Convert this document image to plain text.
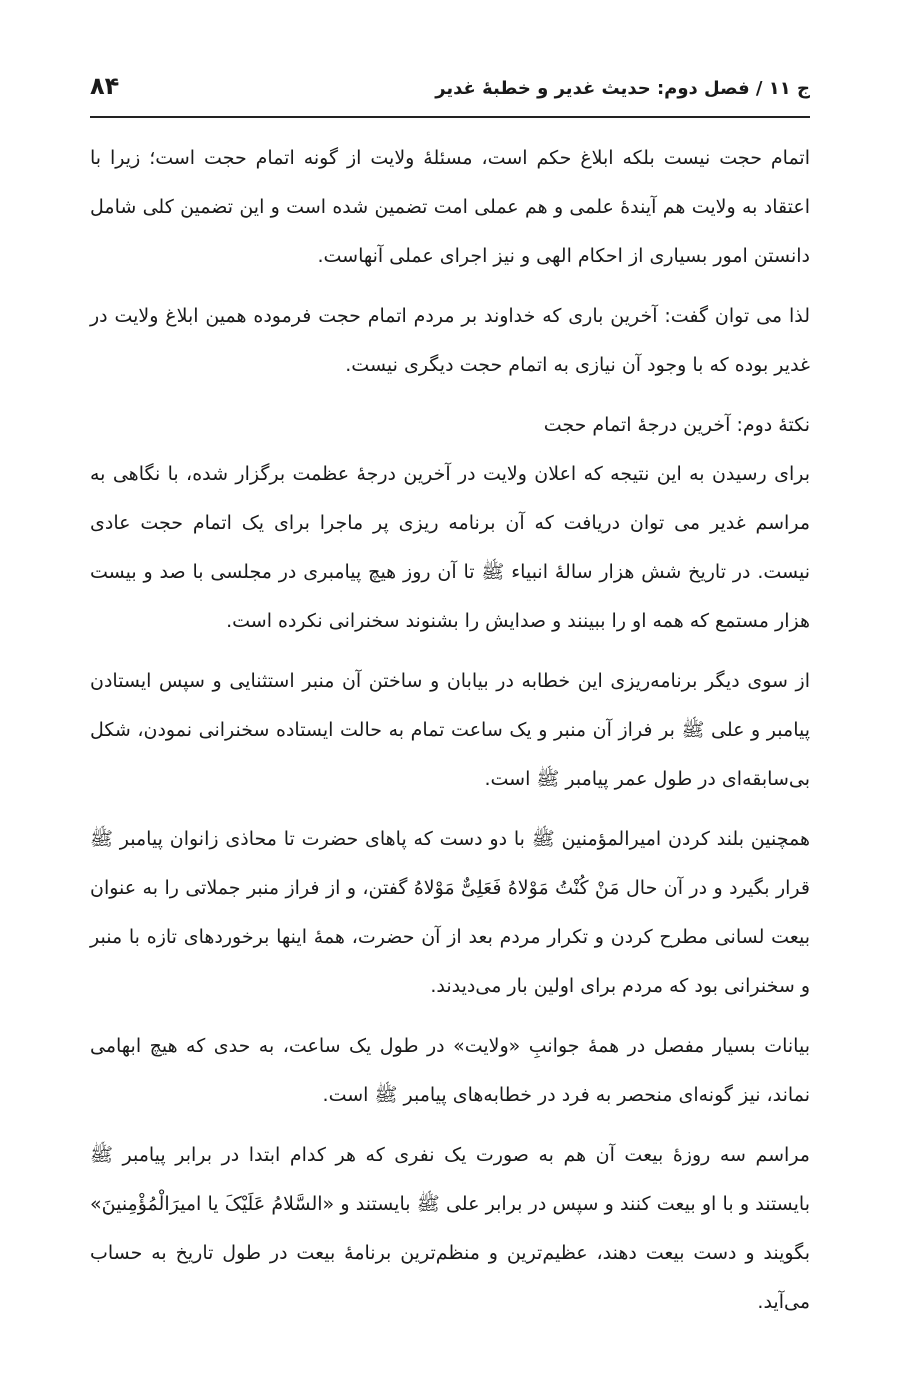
ج ۱۱ / فصل دوم: حدیث غدیر و خطبهٔ غدیر
۸۴

اتمام حجت نیست بلکه ابلاغ حکم است، مسئلهٔ ولایت از گونه اتمام حجت است؛ زیرا با اعتقاد به ولایت هم آیندهٔ علمی و هم عملی امت تضمین شده است و این تضمین کلی شامل دانستن امور بسیاری از احکام الهی و نیز اجرای عملی آنهاست.

لذا می توان گفت: آخرین باری که خداوند بر مردم اتمام حجت فرموده همین ابلاغ ولایت در غدیر بوده که با وجود آن نیازی به اتمام حجت دیگری نیست.

نکتهٔ دوم: آخرین درجهٔ اتمام حجت

برای رسیدن به این نتیجه که اعلان ولایت در آخرین درجهٔ عظمت برگزار شده، با نگاهی به مراسم غدیر می توان دریافت که آن برنامه ریزی پر ماجرا برای یک اتمام حجت عادی نیست. در تاریخ شش هزار سالهٔ انبیاء ﷺ تا آن روز هیچ پیامبری در مجلسی با صد و بیست هزار مستمع که همه او را ببینند و صدایش را بشنوند سخنرانی نکرده است.

از سوی دیگر برنامه‌ریزی این خطابه در بیابان و ساختن آن منبر استثنایی و سپس ایستادن پیامبر و علی ﷺ بر فراز آن منبر و یک ساعت تمام به حالت ایستاده سخنرانی نمودن، شکل بی‌سابقه‌ای در طول عمر پیامبر ﷺ است.

همچنین بلند کردن امیرالمؤمنین ﷺ با دو دست که پاهای حضرت تا محاذی زانوان پیامبر ﷺ قرار بگیرد و در آن حال مَنْ کُنْتُ مَوْلاهُ فَعَلِیٌّ مَوْلاهُ گفتن، و از فراز منبر جملاتی را به عنوان بیعت لسانی مطرح کردن و تکرار مردم بعد از آن حضرت، همهٔ اینها برخوردهای تازه با منبر و سخنرانی بود که مردم برای اولین بار می‌دیدند.

بیانات بسیار مفصل در همهٔ جوانبِ «ولایت» در طول یک ساعت، به حدی که هیچ ابهامی نماند، نیز گونه‌ای منحصر به فرد در خطابه‌های پیامبر ﷺ است.

مراسم سه روزهٔ بیعت آن هم به صورت یک نفری که هر کدام ابتدا در برابر پیامبر ﷺ بایستند و با او بیعت کنند و سپس در برابر علی ﷺ بایستند و «السَّلامُ عَلَیْکَ یا امیرَالْمُؤْمِنینَ» بگویند و دست بیعت دهند، عظیم‌ترین و منظم‌ترین برنامهٔ بیعت در طول تاریخ به حساب می‌آید.
